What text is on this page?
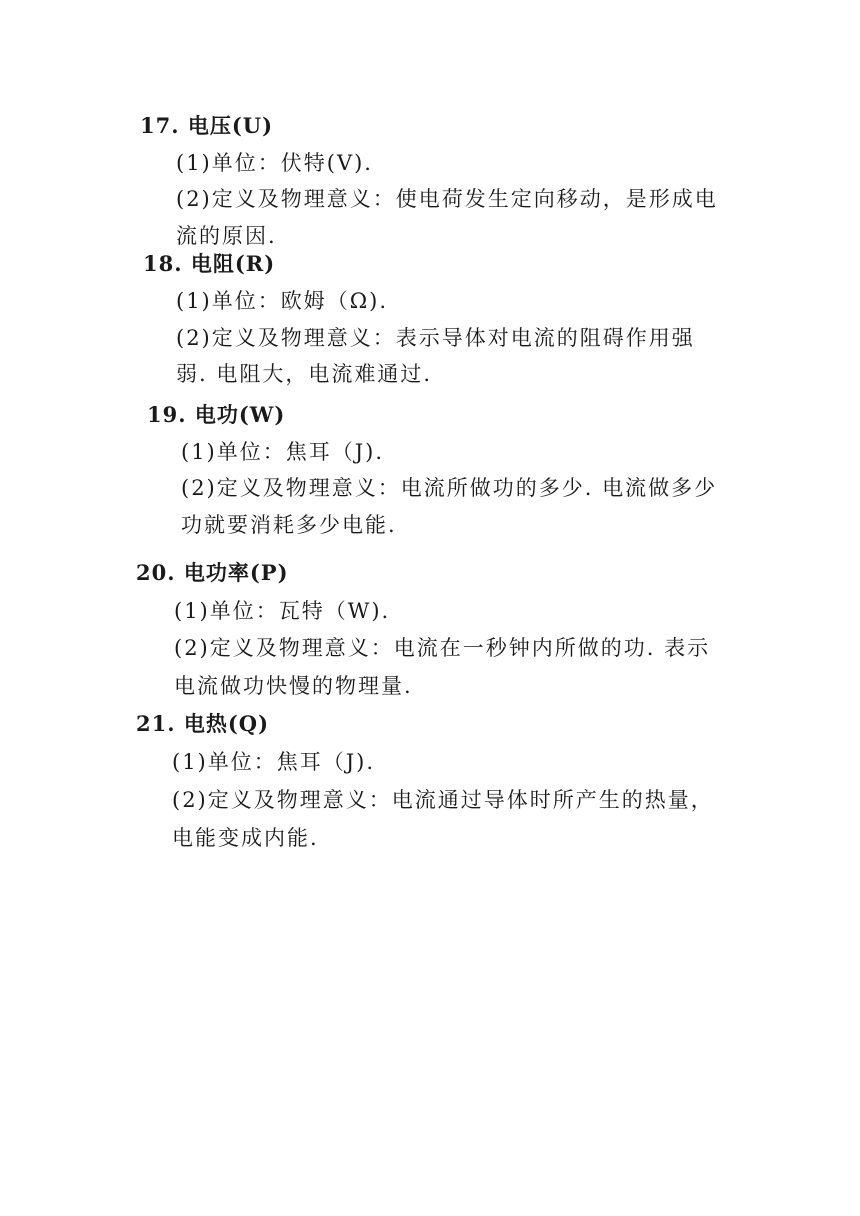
17. 电压(U)
(1)单位：伏特(V).
(2)定义及物理意义：使电荷发生定向移动，是形成电
流的原因.
18. 电阻(R)
(1)单位：欧姆（Ω).
(2)定义及物理意义：表示导体对电流的阻碍作用强
弱. 电阻大，电流难通过.
19. 电功(W)
(1)单位：焦耳（J).
(2)定义及物理意义：电流所做功的多少. 电流做多少
功就要消耗多少电能.
20. 电功率(P)
(1)单位：瓦特（W).
(2)定义及物理意义：电流在一秒钟内所做的功. 表示
电流做功快慢的物理量.
21. 电热(Q)
(1)单位：焦耳（J).
(2)定义及物理意义：电流通过导体时所产生的热量，
电能变成内能.
